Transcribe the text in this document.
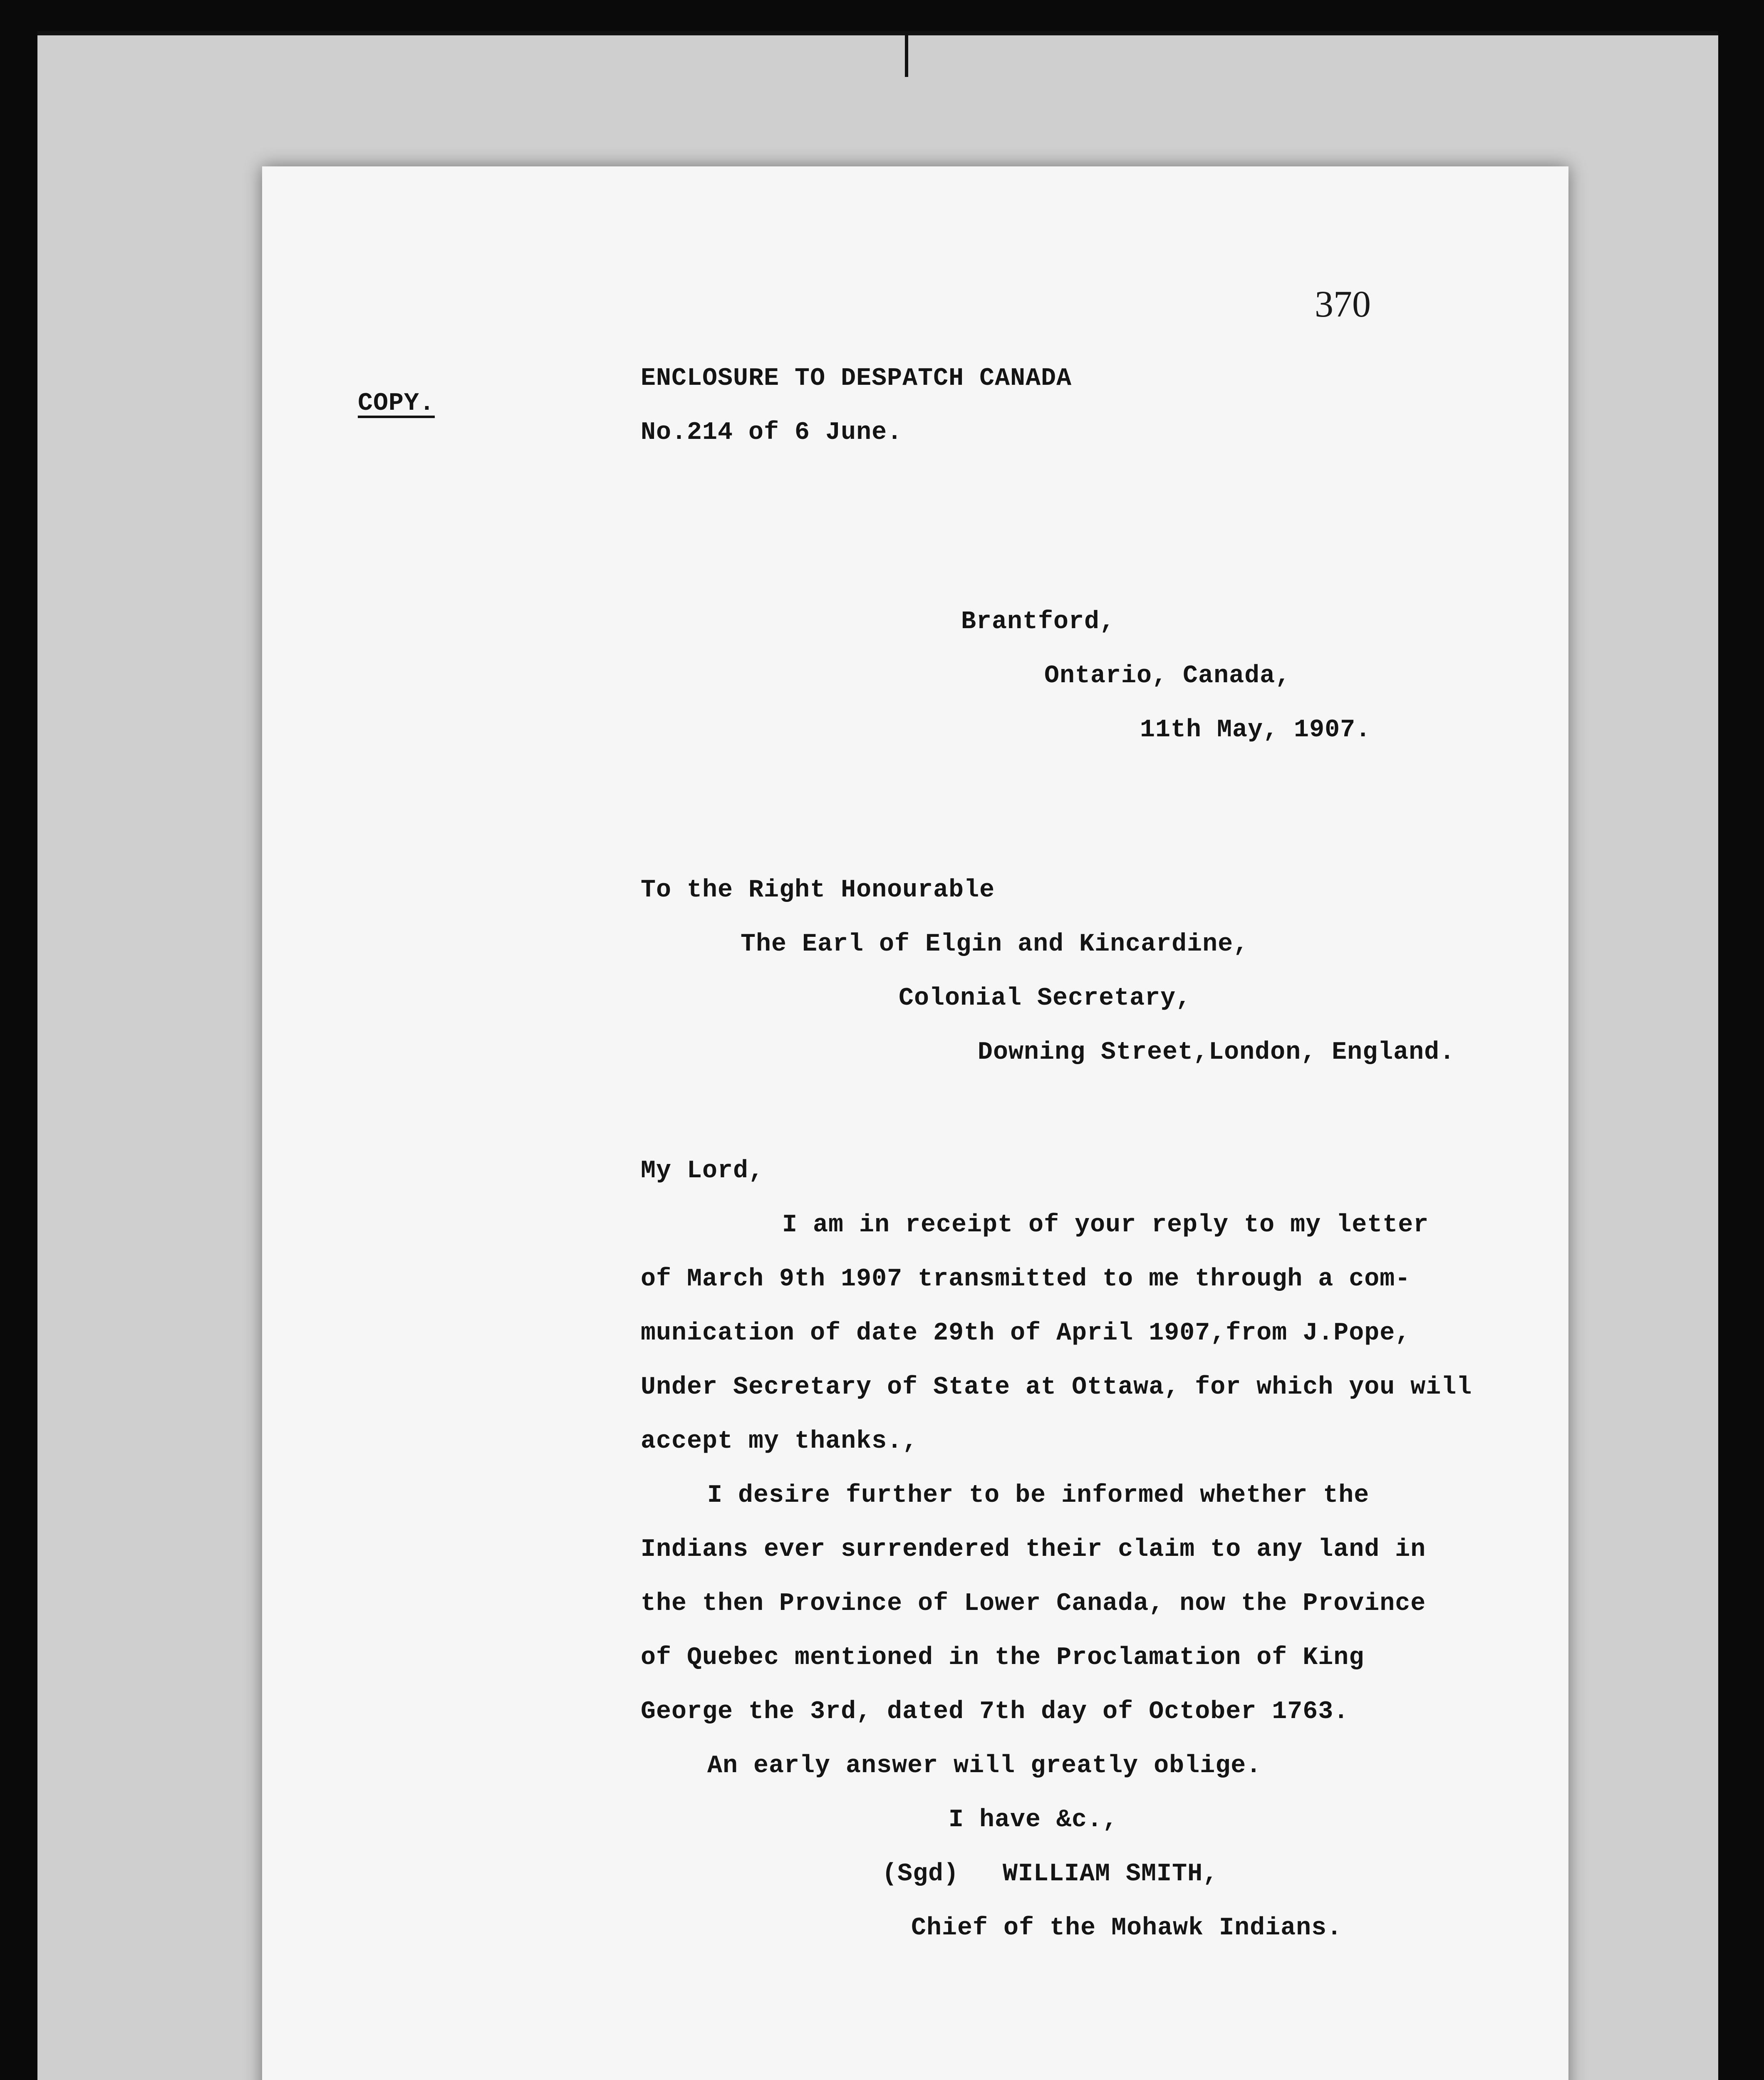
370
COPY.
ENCLOSURE TO DESPATCH CANADA
No.214 of 6 June.
Brantford,
Ontario, Canada,
11th May, 1907.
To the Right Honourable
The Earl of Elgin and Kincardine,
Colonial Secretary,
Downing Street,London, England.
My Lord,
I am in receipt of your reply to my letter
of March 9th 1907 transmitted to me through a com-
munication of date 29th of April 1907,from J.Pope,
Under Secretary of State at Ottawa, for which you will
accept my thanks.,
I desire further to be informed whether the
Indians ever surrendered their claim to any land in
the then Province of Lower Canada, now the Province
of Quebec mentioned in the Proclamation of King
George the 3rd, dated 7th day of October 1763.
An early answer will greatly oblige.
I have &c.,
(Sgd) WILLIAM SMITH,
Chief of the Mohawk Indians.
